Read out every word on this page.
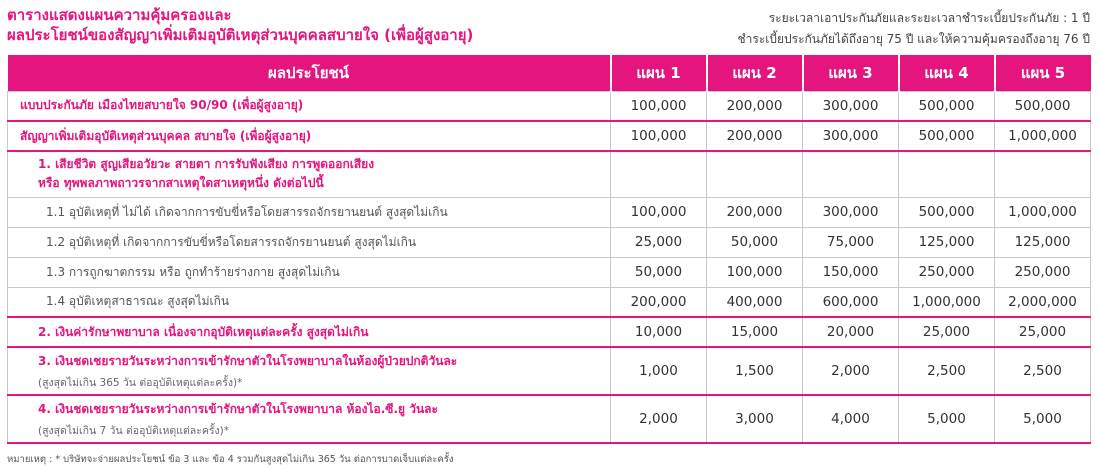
ตารางแสดงแผนความคุ้มครองและ
ผลประโยชน์ของสัญญาเพิ่มเติมอุบัติเหตุส่วนบุคคลสบายใจ (เพื่อผู้สูงอายุ)
ระยะเวลาเอาประกันภัยและระยะเวลาชำระเบี้ยประกันภัย : 1 ปี
ชำระเบี้ยประกันภัยได้ถึงอายุ 75 ปี และให้ความคุ้มครองถึงอายุ 76 ปี
ผลประโยชน์	แผน 1	แผน 2	แผน 3	แผน 4	แผน 5
แบบประกันภัย เมืองไทยสบายใจ 90/90 (เพื่อผู้สูงอายุ)	100,000	200,000	300,000	500,000	500,000
สัญญาเพิ่มเติมอุบัติเหตุส่วนบุคคล สบายใจ (เพื่อผู้สูงอายุ)	100,000	200,000	300,000	500,000	1,000,000
1. เสียชีวิต สูญเสียอวัยวะ สายตา การรับฟังเสียง การพูดออกเสียง
หรือ ทุพพลภาพถาวรจากสาเหตุใดสาเหตุหนึ่ง ดังต่อไปนี้					
1.1 อุบัติเหตุที่ ไม่ได้ เกิดจากการขับขี่หรือโดยสารรถจักรยานยนต์ สูงสุดไม่เกิน	100,000	200,000	300,000	500,000	1,000,000
1.2 อุบัติเหตุที่ เกิดจากการขับขี่หรือโดยสารรถจักรยานยนต์ สูงสุดไม่เกิน	25,000	50,000	75,000	125,000	125,000
1.3 การถูกฆาตกรรม หรือ ถูกทำร้ายร่างกาย สูงสุดไม่เกิน	50,000	100,000	150,000	250,000	250,000
1.4 อุบัติเหตุสาธารณะ สูงสุดไม่เกิน	200,000	400,000	600,000	1,000,000	2,000,000
2. เงินค่ารักษาพยาบาล เนื่องจากอุบัติเหตุแต่ละครั้ง สูงสุดไม่เกิน	10,000	15,000	20,000	25,000	25,000
3. เงินชดเชยรายวันระหว่างการเข้ารักษาตัวในโรงพยาบาลในห้องผู้ป่วยปกติวันละ
(สูงสุดไม่เกิน 365 วัน ต่ออุบัติเหตุแต่ละครั้ง)*	1,000	1,500	2,000	2,500	2,500
4. เงินชดเชยรายวันระหว่างการเข้ารักษาตัวในโรงพยาบาล ห้องไอ.ซี.ยู วันละ
(สูงสุดไม่เกิน 7 วัน ต่ออุบัติเหตุแต่ละครั้ง)*	2,000	3,000	4,000	5,000	5,000
หมายเหตุ : * บริษัทจะจ่ายผลประโยชน์ ข้อ 3 และ ข้อ 4 รวมกันสูงสุดไม่เกิน 365 วัน ต่อการบาดเจ็บแต่ละครั้ง
